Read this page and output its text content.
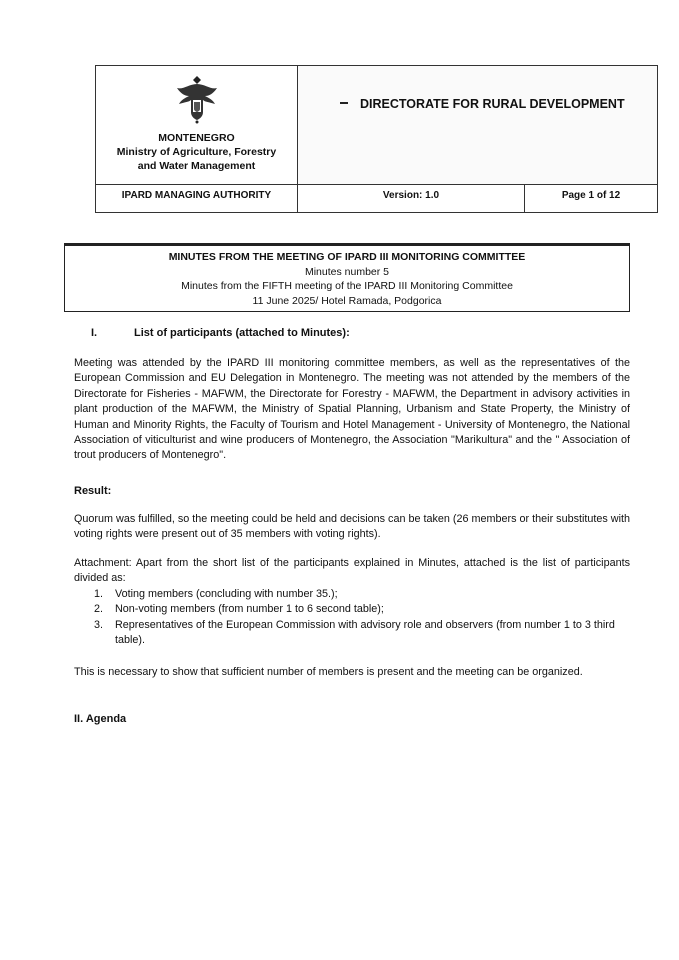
MONTENEGRO
Ministry of Agriculture, Forestry and Water Management
DIRECTORATE FOR RURAL DEVELOPMENT
IPARD MANAGING AUTHORITY	Version: 1.0	Page 1 of 12
MINUTES FROM THE MEETING OF IPARD III MONITORING COMMITTEE
Minutes number 5
Minutes from the FIFTH meeting of the IPARD III Monitoring Committee
11 June 2025/ Hotel Ramada, Podgorica
I.	List of participants (attached to Minutes):
Meeting was attended by the IPARD III monitoring committee members, as well as the representatives of the European Commission and EU Delegation in Montenegro. The meeting was not attended by the members of the Directorate for Fisheries - MAFWM, the Directorate for Forestry - MAFWM, the Department in advisory activities in plant production of the MAFWM, the Ministry of Spatial Planning, Urbanism and State Property, the Ministry of Human and Minority Rights, the Faculty of Tourism and Hotel Management - University of Montenegro, the National Association of viticulturist and wine producers of Montenegro, the Association "Marikultura" and the " Association of trout producers of Montenegro".
Result:
Quorum was fulfilled, so the meeting could be held and decisions can be taken (26 members or their substitutes with voting rights were present out of 35 members with voting rights).
Attachment: Apart from the short list of the participants explained in Minutes, attached is the list of participants divided as:
1.	Voting members (concluding with number 35.);
2.	Non-voting members (from number 1 to 6 second table);
3.	Representatives of the European Commission with advisory role and observers (from number 1 to 3 third table).
This is necessary to show that sufficient number of members is present and the meeting can be organized.
II. Agenda
